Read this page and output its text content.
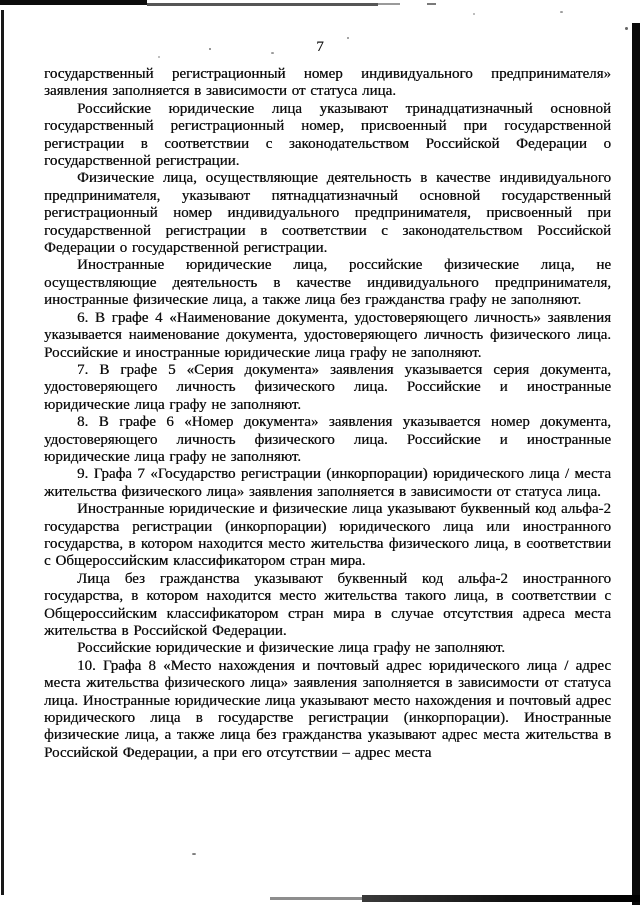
7

государственный регистрационный номер индивидуального предпринимателя» заявления заполняется в зависимости от статуса лица.

Российские юридические лица указывают тринадцатизначный основной государственный регистрационный номер, присвоенный при государственной регистрации в соответствии с законодательством Российской Федерации о государственной регистрации.

Физические лица, осуществляющие деятельность в качестве индивидуального предпринимателя, указывают пятнадцатизначный основной государственный регистрационный номер индивидуального предпринимателя, присвоенный при государственной регистрации в соответствии с законодательством Российской Федерации о государственной регистрации.

Иностранные юридические лица, российские физические лица, не осуществляющие деятельность в качестве индивидуального предпринимателя, иностранные физические лица, а также лица без гражданства графу не заполняют.

6. В графе 4 «Наименование документа, удостоверяющего личность» заявления указывается наименование документа, удостоверяющего личность физического лица. Российские и иностранные юридические лица графу не заполняют.

7. В графе 5 «Серия документа» заявления указывается серия документа, удостоверяющего личность физического лица. Российские и иностранные юридические лица графу не заполняют.

8. В графе 6 «Номер документа» заявления указывается номер документа, удостоверяющего личность физического лица. Российские и иностранные юридические лица графу не заполняют.

9. Графа 7 «Государство регистрации (инкорпорации) юридического лица / места жительства физического лица» заявления заполняется в зависимости от статуса лица.

Иностранные юридические и физические лица указывают буквенный код альфа-2 государства регистрации (инкорпорации) юридического лица или иностранного государства, в котором находится место жительства физического лица, в соответствии с Общероссийским классификатором стран мира.

Лица без гражданства указывают буквенный код альфа-2 иностранного государства, в котором находится место жительства такого лица, в соответствии с Общероссийским классификатором стран мира в случае отсутствия адреса места жительства в Российской Федерации.

Российские юридические и физические лица графу не заполняют.

10. Графа 8 «Место нахождения и почтовый адрес юридического лица / адрес места жительства физического лица» заявления заполняется в зависимости от статуса лица. Иностранные юридические лица указывают место нахождения и почтовый адрес юридического лица в государстве регистрации (инкорпорации). Иностранные физические лица, а также лица без гражданства указывают адрес места жительства в Российской Федерации, а при его отсутствии – адрес места
